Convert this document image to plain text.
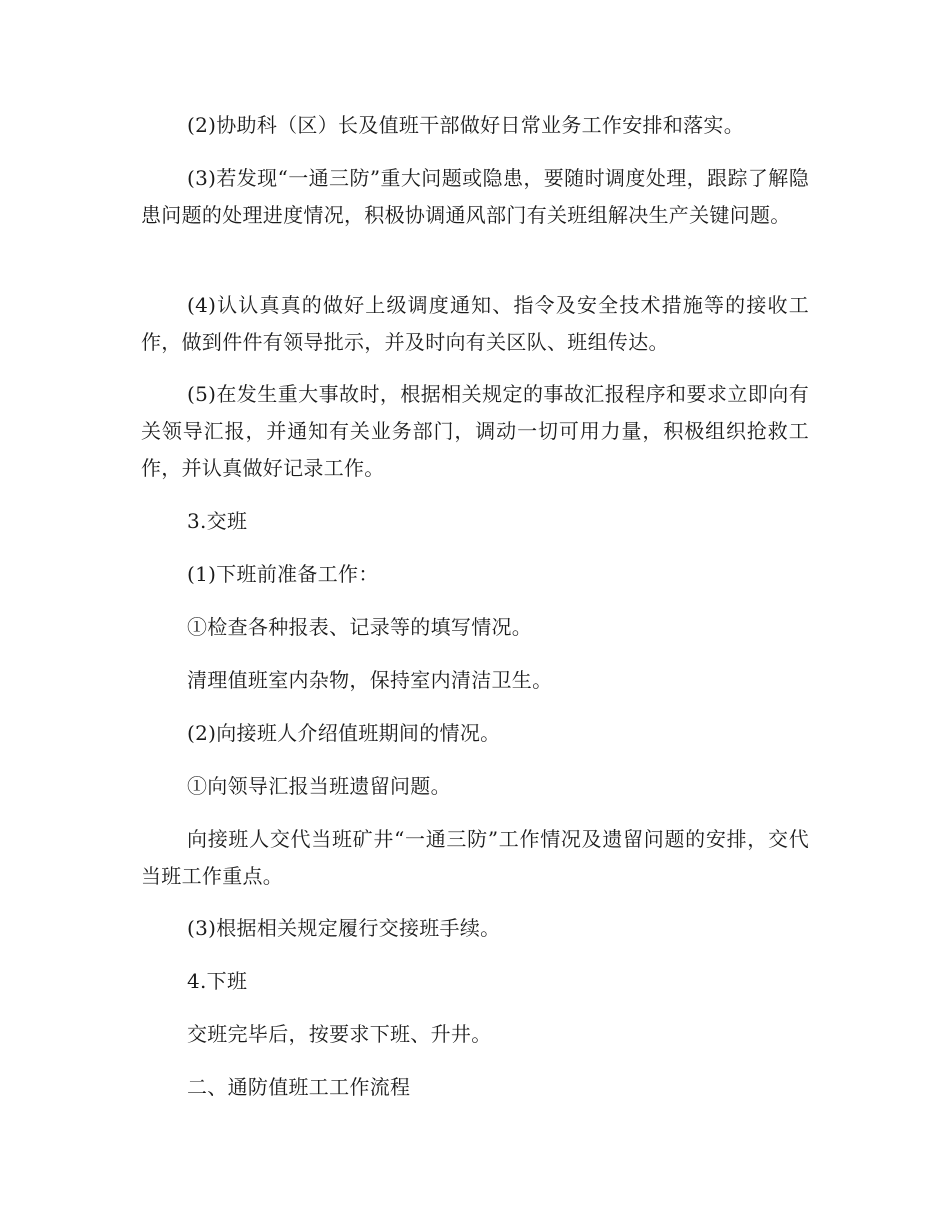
(2)协助科（区）长及值班干部做好日常业务工作安排和落实。

(3)若发现“一通三防”重大问题或隐患，要随时调度处理，跟踪了解隐患问题的处理进度情况，积极协调通风部门有关班组解决生产关键问题。

(4)认认真真的做好上级调度通知、指令及安全技术措施等的接收工作，做到件件有领导批示，并及时向有关区队、班组传达。

(5)在发生重大事故时，根据相关规定的事故汇报程序和要求立即向有关领导汇报，并通知有关业务部门，调动一切可用力量，积极组织抢救工作，并认真做好记录工作。

3.交班

(1)下班前准备工作：

①检查各种报表、记录等的填写情况。

清理值班室内杂物，保持室内清洁卫生。

(2)向接班人介绍值班期间的情况。

①向领导汇报当班遗留问题。

向接班人交代当班矿井“一通三防”工作情况及遗留问题的安排，交代当班工作重点。

(3)根据相关规定履行交接班手续。

4.下班

交班完毕后，按要求下班、升井。

二、通防值班工工作流程
